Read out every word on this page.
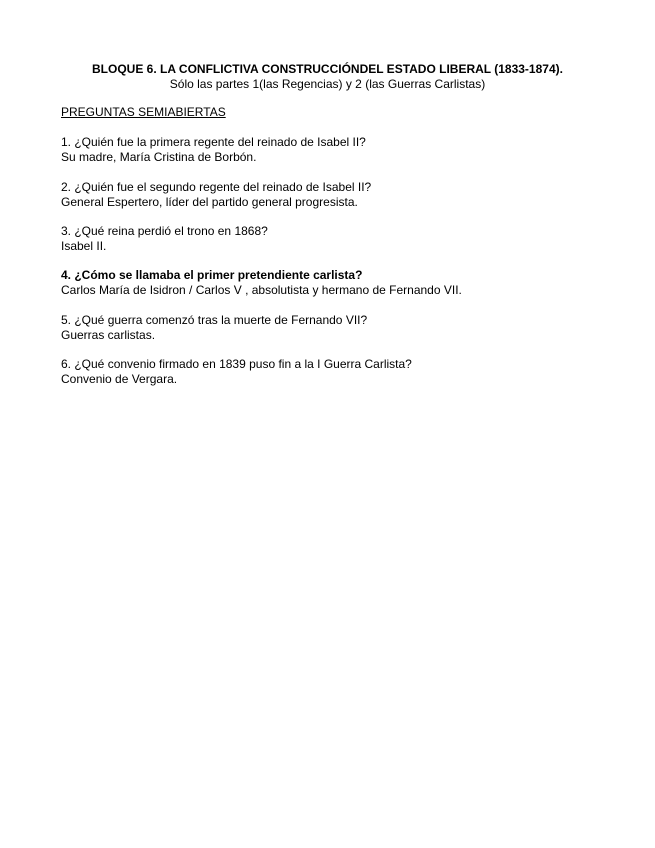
BLOQUE 6. LA CONFLICTIVA CONSTRUCCIÓNDEL ESTADO LIBERAL (1833-1874). Sólo las partes 1(las Regencias) y 2 (las Guerras Carlistas)
PREGUNTAS SEMIABIERTAS
1. ¿Quién fue la primera regente del reinado de Isabel II?
Su madre, María Cristina de Borbón.
2. ¿Quién fue el segundo regente del reinado de Isabel II?
General Espertero, líder del partido general progresista.
3. ¿Qué reina perdió el trono en 1868?
Isabel II.
4. ¿Cómo se llamaba el primer pretendiente carlista?
Carlos María de Isidron / Carlos V , absolutista y hermano de Fernando VII.
5. ¿Qué guerra comenzó tras la muerte de Fernando VII?
Guerras carlistas.
6. ¿Qué convenio firmado en 1839 puso fin a la I Guerra Carlista?
Convenio de Vergara.
